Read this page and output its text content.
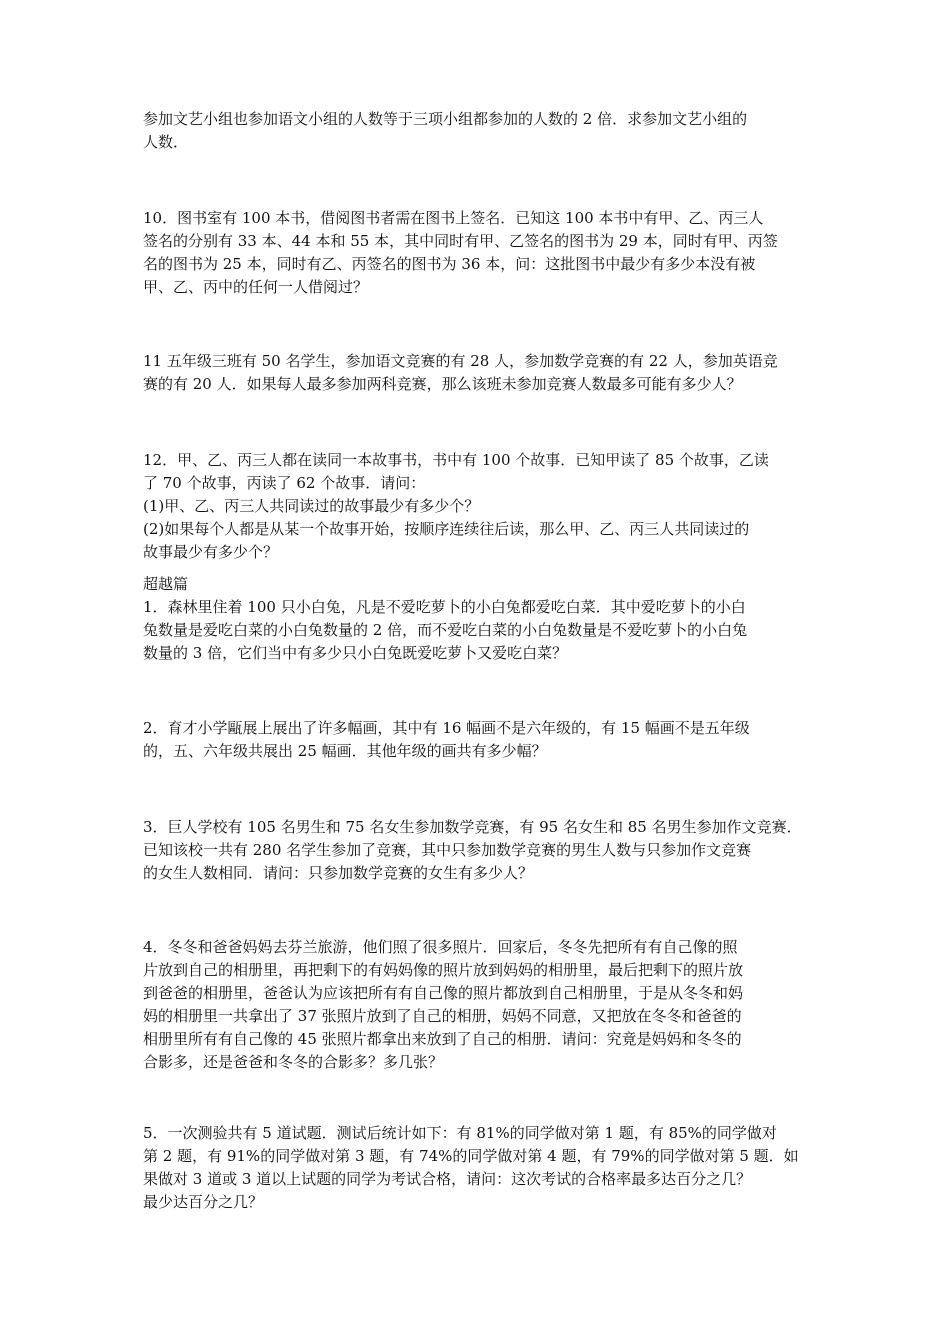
参加文艺小组也参加语文小组的人数等于三项小组都参加的人数的 2 倍．求参加文艺小组的
人数．
10．图书室有 100 本书，借阅图书者需在图书上签名．已知这 100 本书中有甲、乙、丙三人
签名的分别有 33 本、44 本和 55 本，其中同时有甲、乙签名的图书为 29 本，同时有甲、丙签
名的图书为 25 本，同时有乙、丙签名的图书为 36 本，问：这批图书中最少有多少本没有被
甲、乙、丙中的任何一人借阅过？
11 五年级三班有 50 名学生，参加语文竞赛的有 28 人，参加数学竞赛的有 22 人，参加英语竞
赛的有 20 人．如果每人最多参加两科竞赛，那么该班未参加竞赛人数最多可能有多少人？
12．甲、乙、丙三人都在读同一本故事书，书中有 100 个故事．已知甲读了 85 个故事，乙读
了 70 个故事，丙读了 62 个故事．请问：
(1)甲、乙、丙三人共同读过的故事最少有多少个？
(2)如果每个人都是从某一个故事开始，按顺序连续往后读，那么甲、乙、丙三人共同读过的
故事最少有多少个？
超越篇
1．森林里住着 100 只小白兔，凡是不爱吃萝卜的小白兔都爱吃白菜．其中爱吃萝卜的小白
兔数量是爱吃白菜的小白兔数量的 2 倍，而不爱吃白菜的小白兔数量是不爱吃萝卜的小白兔
数量的 3 倍，它们当中有多少只小白兔既爱吃萝卜又爱吃白菜？
2．育才小学甌展上展出了许多幅画，其中有 16 幅画不是六年级的，有 15 幅画不是五年级
的，五、六年级共展出 25 幅画．其他年级的画共有多少幅？
3．巨人学校有 105 名男生和 75 名女生参加数学竞赛，有 95 名女生和 85 名男生参加作文竞赛．
已知该校一共有 280 名学生参加了竞赛，其中只参加数学竞赛的男生人数与只参加作文竞赛
的女生人数相同．请问：只参加数学竞赛的女生有多少人？
4．冬冬和爸爸妈妈去芬兰旅游，他们照了很多照片．回家后，冬冬先把所有有自己像的照
片放到自己的相册里，再把剩下的有妈妈像的照片放到妈妈的相册里，最后把剩下的照片放
到爸爸的相册里，爸爸认为应该把所有有自己像的照片都放到自己相册里，于是从冬冬和妈
妈的相册里一共拿出了 37 张照片放到了自己的相册，妈妈不同意，又把放在冬冬和爸爸的
相册里所有有自己像的 45 张照片都拿出来放到了自己的相册．请问：究竟是妈妈和冬冬的
合影多，还是爸爸和冬冬的合影多？多几张？
5．一次测验共有 5 道试题．测试后统计如下：有 81%的同学做对第 1 题，有 85%的同学做对
第 2 题，有 91%的同学做对第 3 题，有 74%的同学做对第 4 题，有 79%的同学做对第 5 题．如
果做对 3 道或 3 道以上试题的同学为考试合格，请问：这次考试的合格率最多达百分之几？
最少达百分之几？
